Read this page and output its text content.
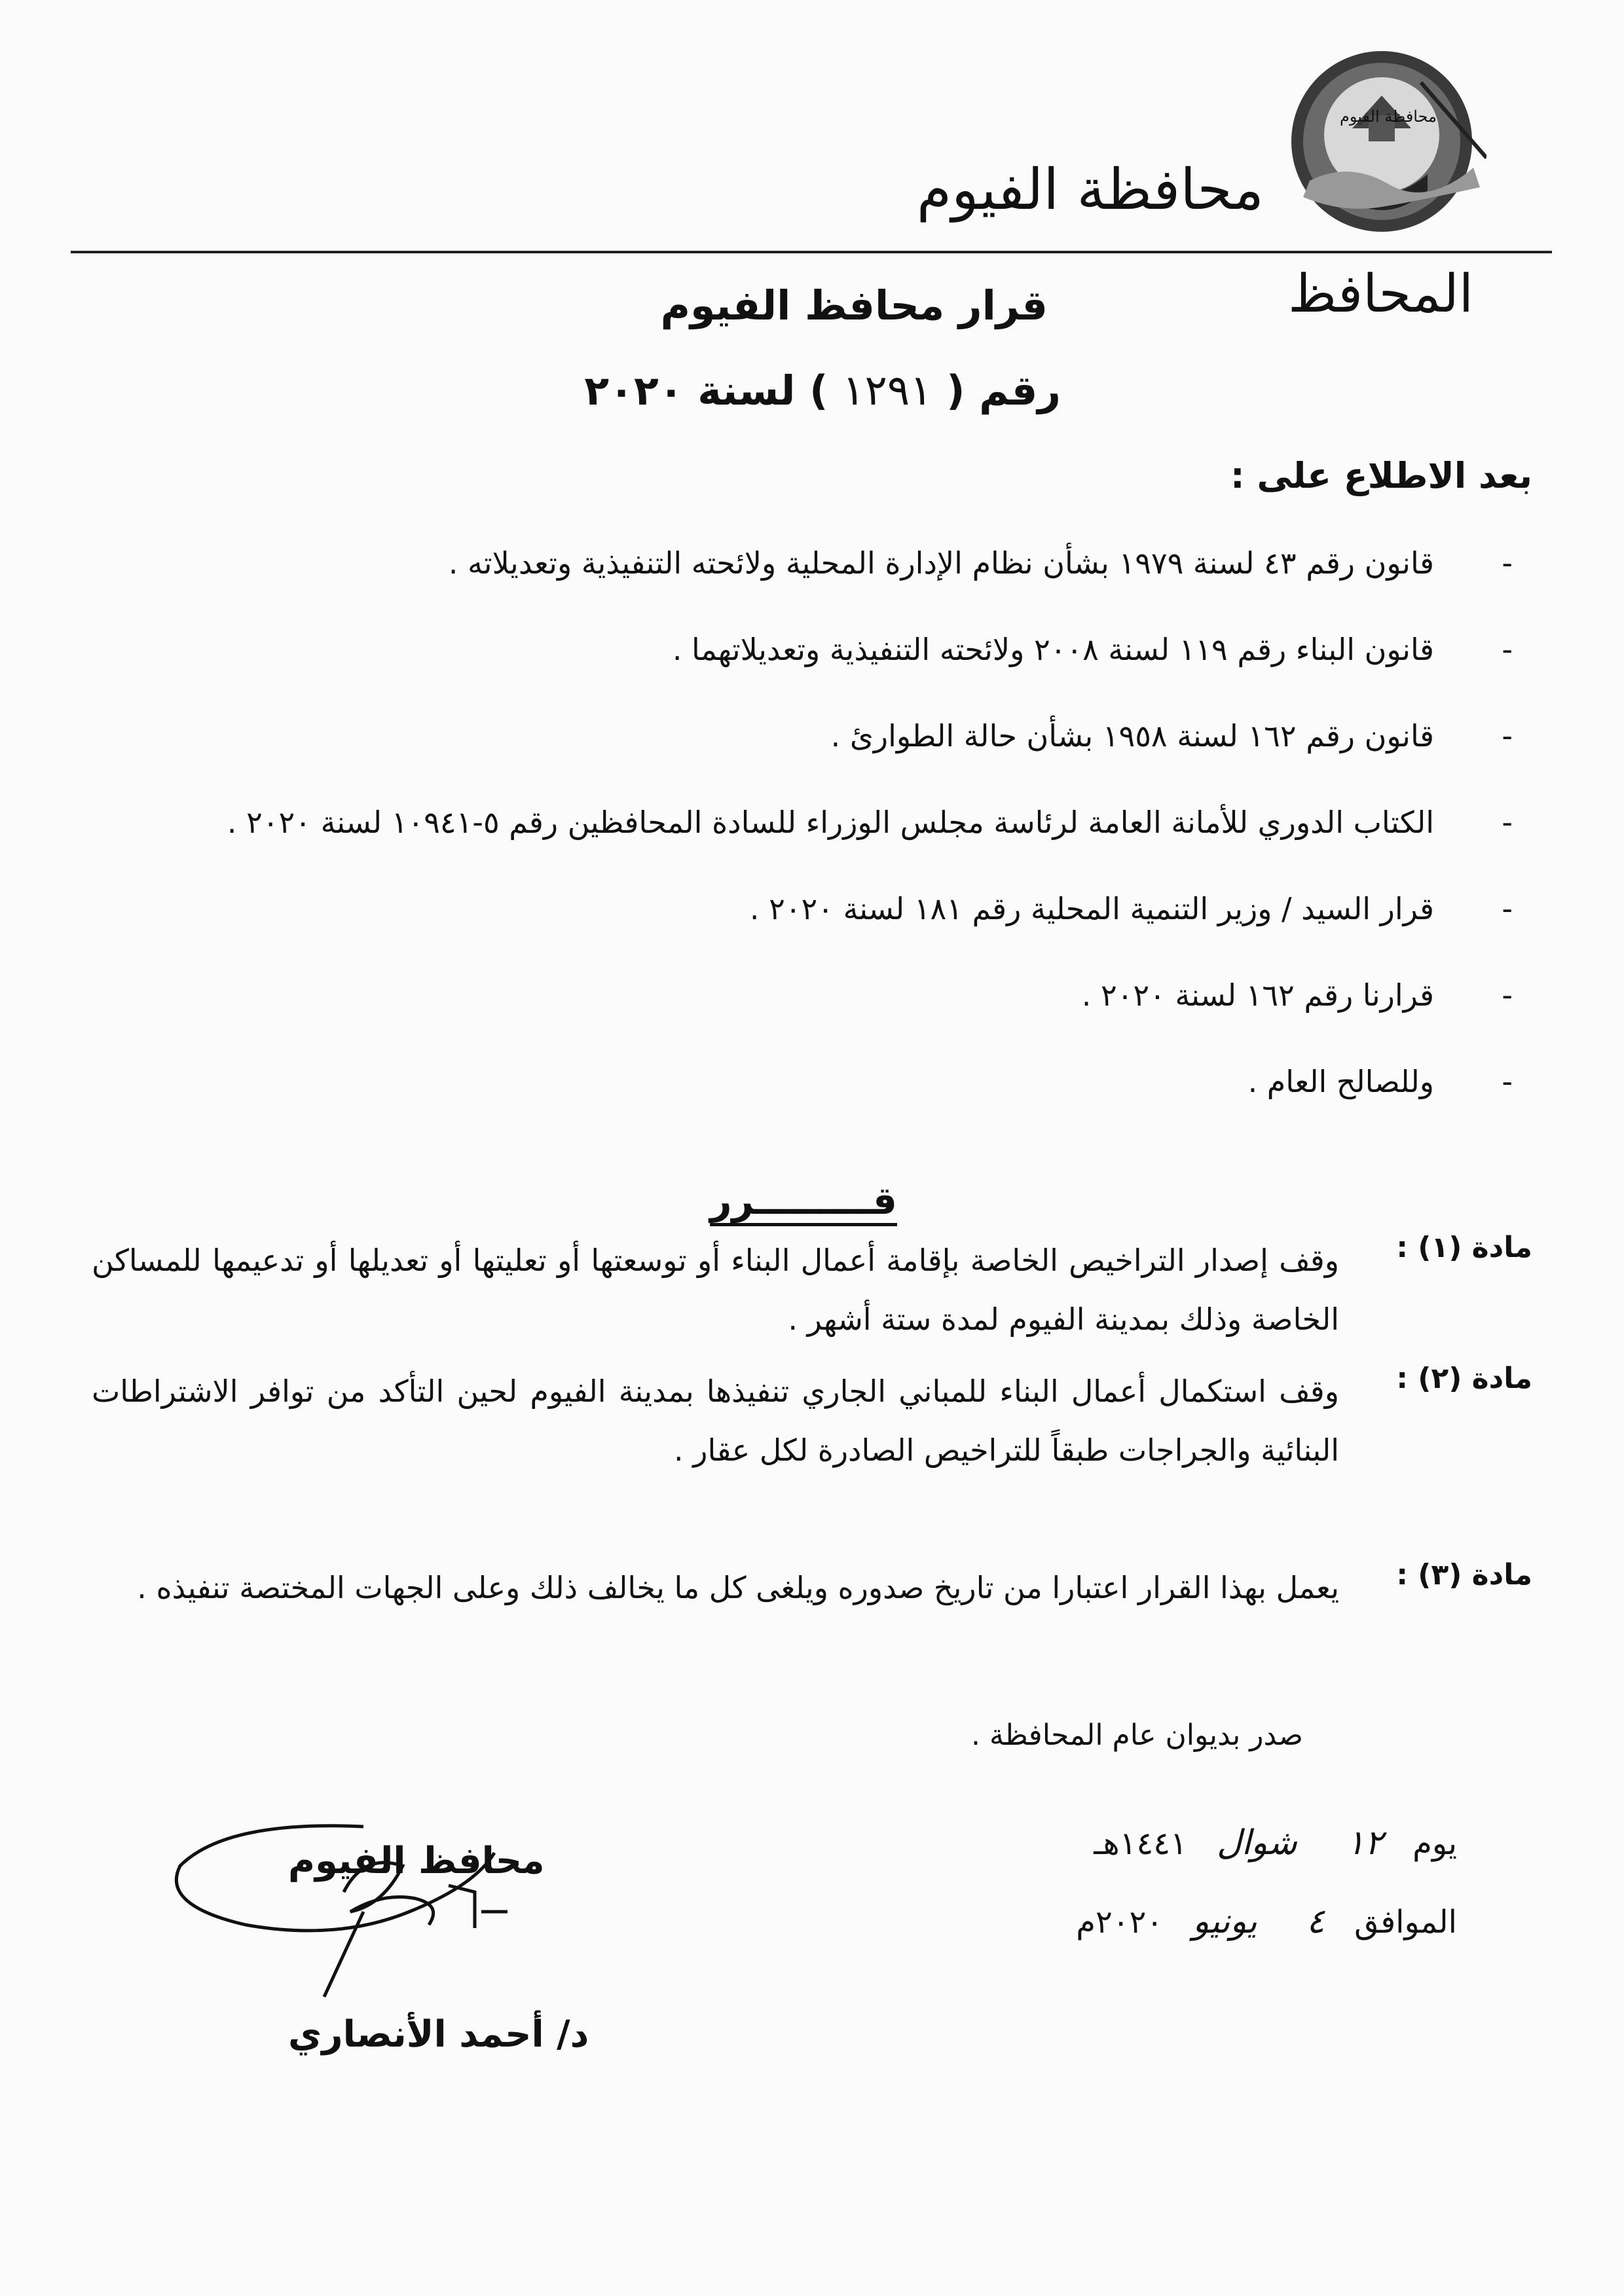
محافظة الفيوم
محافظة الفيوم
المحافظ
قرار محافظ الفيوم
رقم ( ١٢٩١ ) لسنة ٢٠٢٠
بعد الاطلاع على :
- قانون رقم ٤٣ لسنة ١٩٧٩ بشأن نظام الإدارة المحلية ولائحته التنفيذية وتعديلاته .
- قانون البناء رقم ١١٩ لسنة ٢٠٠٨ ولائحته التنفيذية وتعديلاتهما .
- قانون رقم ١٦٢ لسنة ١٩٥٨ بشأن حالة الطوارئ .
- الكتاب الدوري للأمانة العامة لرئاسة مجلس الوزراء للسادة المحافظين رقم ٥-١٠٩٤١ لسنة ٢٠٢٠ .
- قرار السيد / وزير التنمية المحلية رقم ١٨١ لسنة ٢٠٢٠ .
- قرارنا رقم ١٦٢ لسنة ٢٠٢٠ .
- وللصالح العام .
قـــــــــرر
مادة (١) :
وقف إصدار التراخيص الخاصة بإقامة أعمال البناء أو توسعتها أو تعليتها أو تعديلها أو تدعيمها للمساكن الخاصة وذلك بمدينة الفيوم لمدة ستة أشهر .
مادة (٢) :
وقف استكمال أعمال البناء للمباني الجاري تنفيذها بمدينة الفيوم لحين التأكد من توافر الاشتراطات البنائية والجراجات طبقاً للتراخيص الصادرة لكل عقار .
مادة (٣) :
يعمل بهذا القرار اعتبارا من تاريخ صدوره ويلغى كل ما يخالف ذلك وعلى الجهات المختصة تنفيذه .
صدر بديوان عام المحافظة .
يوم ١٢ شوال ١٤٤١هـ
الموافق ٤ يونيو ٢٠٢٠م
محافظ الفيوم
د/ أحمد الأنصاري
